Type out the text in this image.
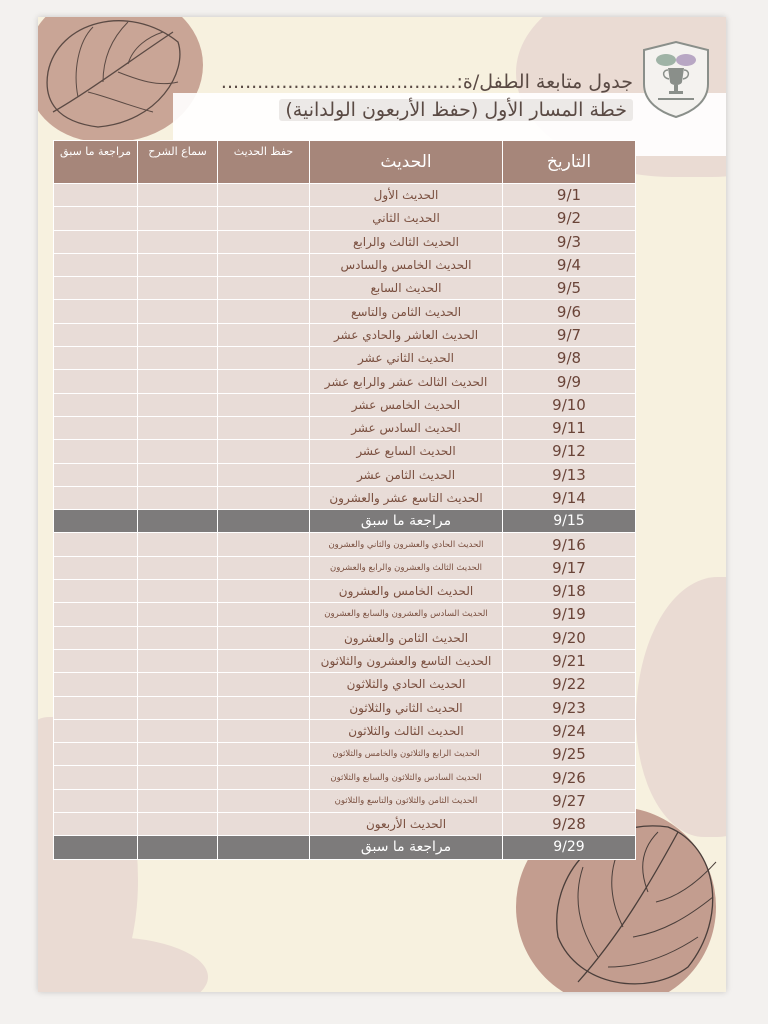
جدول متابعة الطفل/ة:.......................................
خطة المسار الأول (حفظ الأربعون الولدانية)
التاريخ	الحديث	حفظ الحديث	سماع الشرح	مراجعة ما سبق
9/1	الحديث الأول			
9/2	الحديث الثاني			
9/3	الحديث الثالث والرابع			
9/4	الحديث الخامس والسادس			
9/5	الحديث السابع			
9/6	الحديث الثامن والتاسع			
9/7	الحديث العاشر والحادي عشر			
9/8	الحديث الثاني عشر			
9/9	الحديث الثالث عشر والرابع عشر			
9/10	الحديث الخامس عشر			
9/11	الحديث السادس عشر			
9/12	الحديث السابع عشر			
9/13	الحديث الثامن عشر			
9/14	الحديث التاسع عشر والعشرون			
9/15	مراجعة ما سبق			
9/16	الحديث الحادي والعشرون والثاني والعشرون			
9/17	الحديث الثالث والعشرون والرابع والعشرون			
9/18	الحديث الخامس والعشرون			
9/19	الحديث السادس والعشرون والسابع والعشرون			
9/20	الحديث الثامن والعشرون			
9/21	الحديث التاسع والعشرون والثلاثون			
9/22	الحديث الحادي والثلاثون			
9/23	الحديث الثاني والثلاثون			
9/24	الحديث الثالث والثلاثون			
9/25	الحديث الرابع والثلاثون والخامس والثلاثون			
9/26	الحديث السادس والثلاثون والسابع والثلاثون			
9/27	الحديث الثامن والثلاثون والتاسع والثلاثون			
9/28	الحديث الأربعون			
9/29	مراجعة ما سبق			
